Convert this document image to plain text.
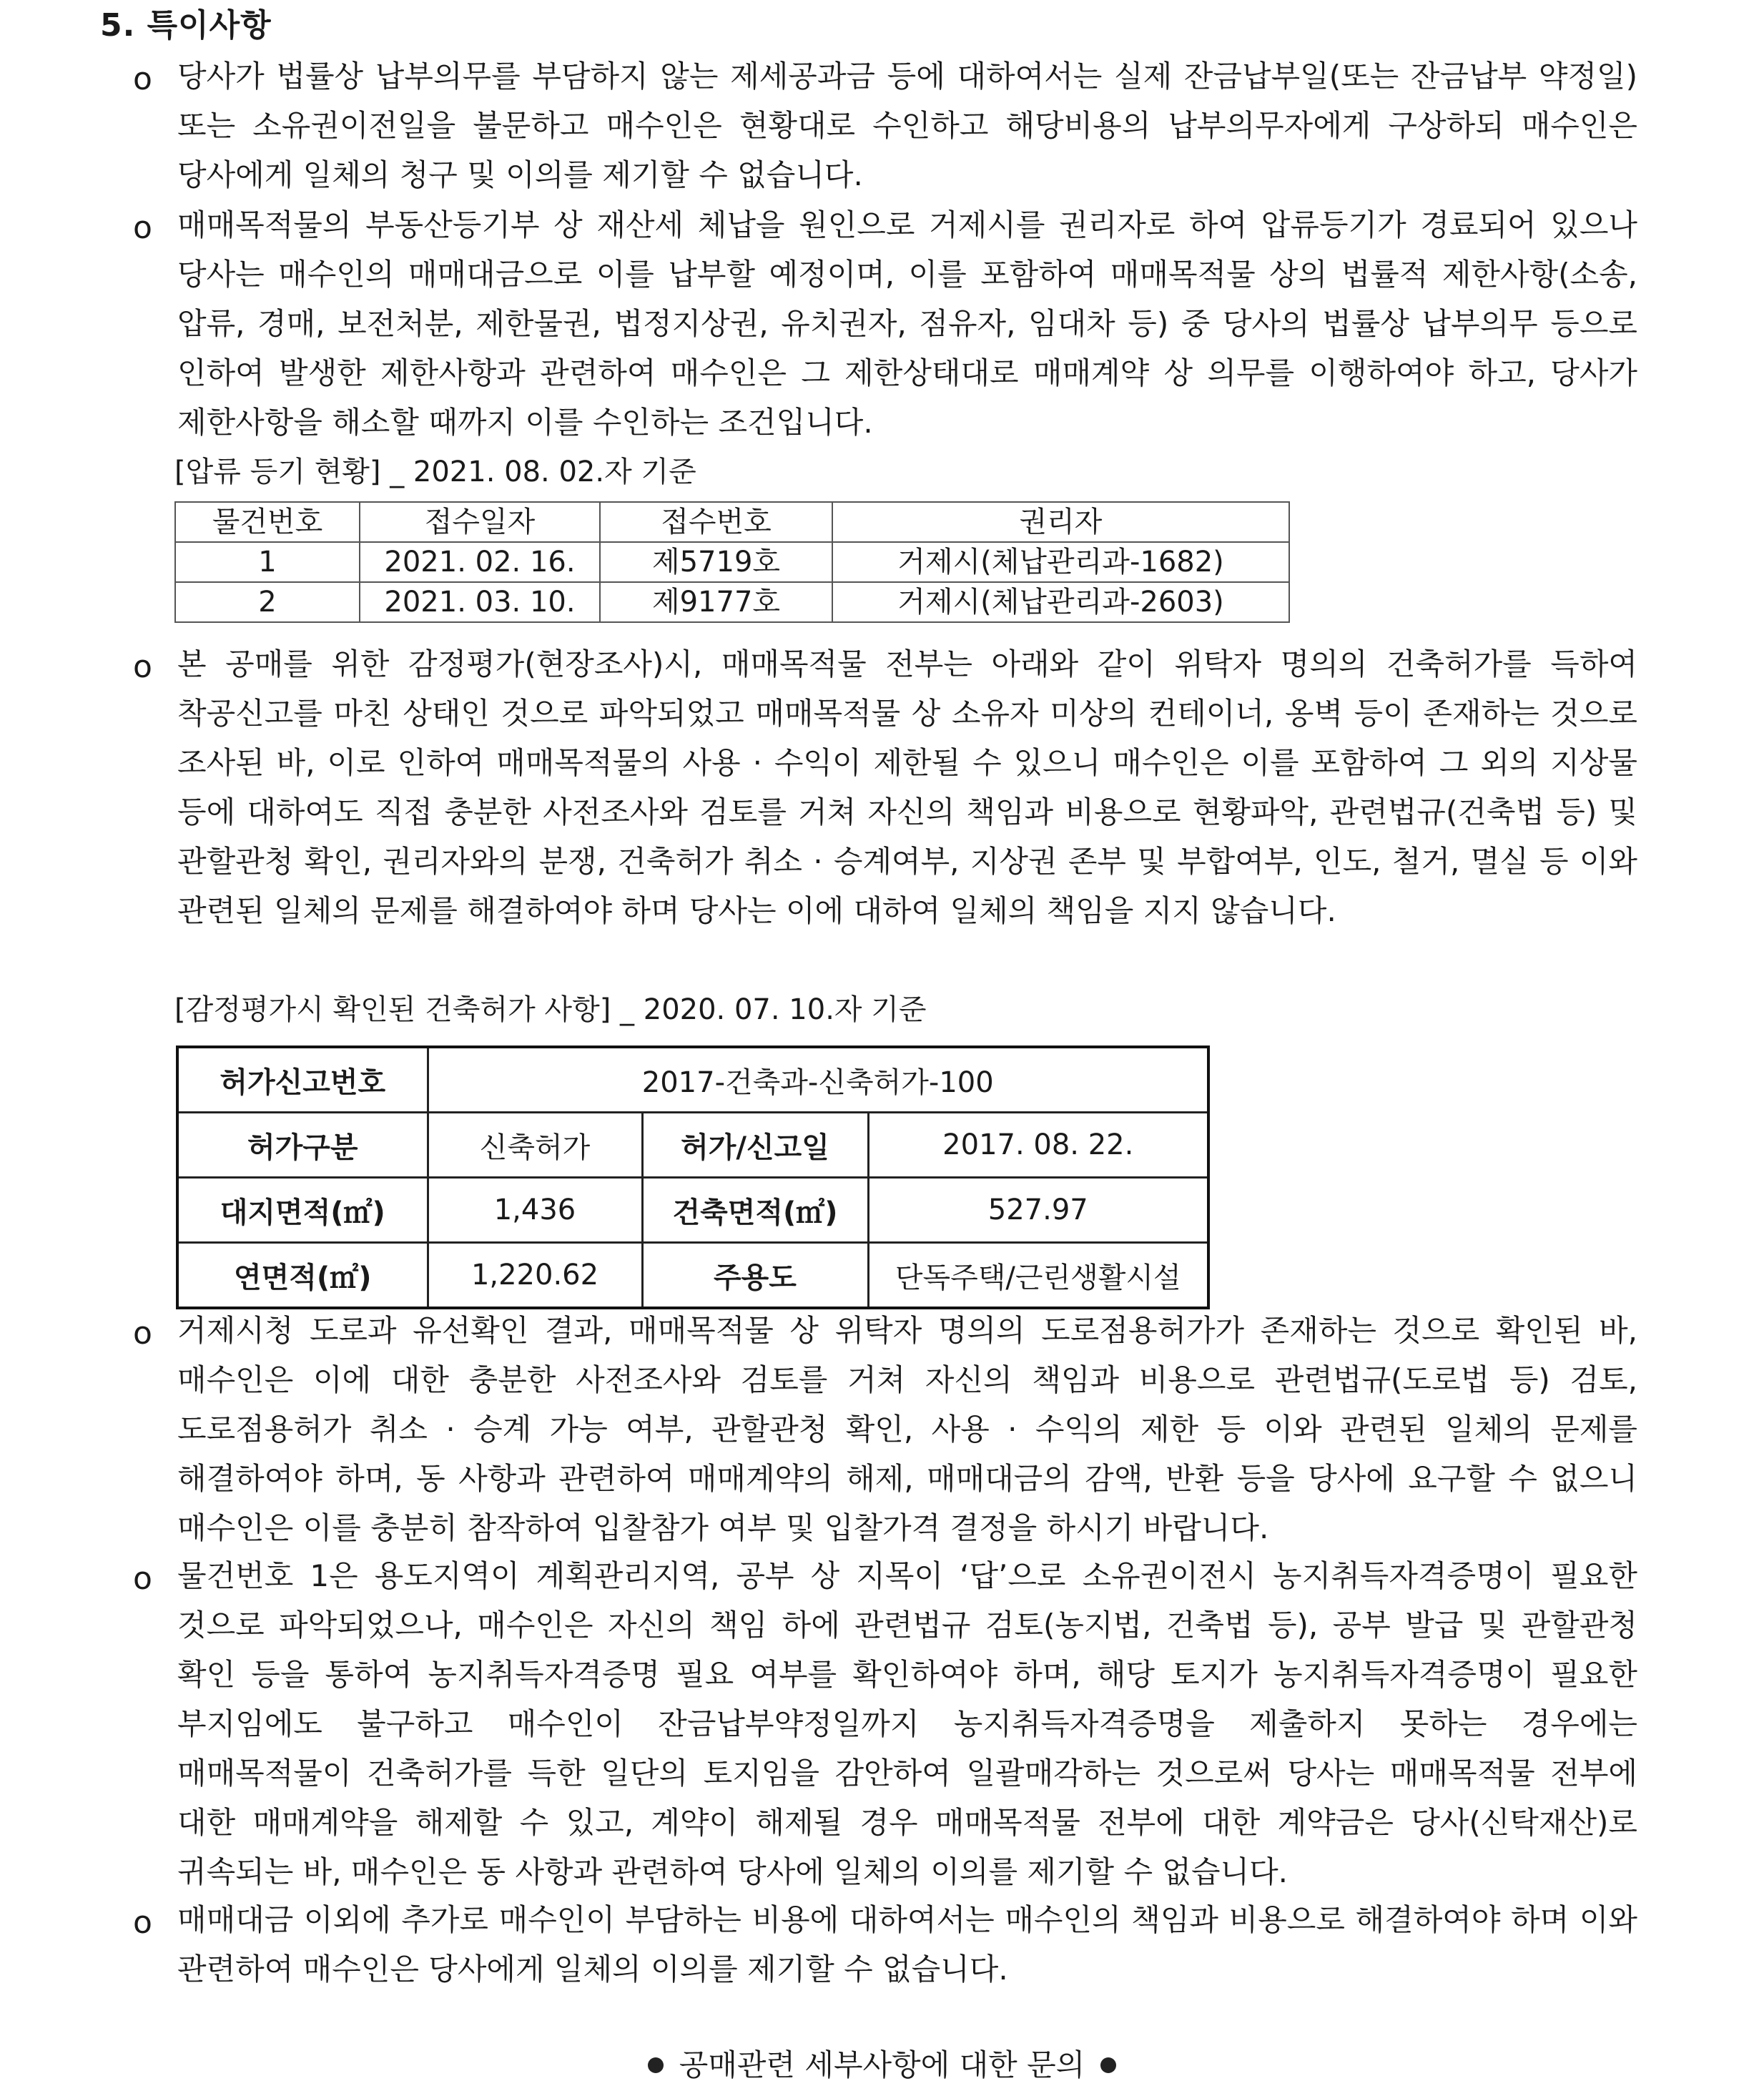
5. 특이사항
o 당사가 법률상 납부의무를 부담하지 않는 제세공과금 등에 대하여서는 실제 잔금납부일(또는 잔금납부 약정일) 또는 소유권이전일을 불문하고 매수인은 현황대로 수인하고 해당비용의 납부의무자에게 구상하되 매수인은 당사에게 일체의 청구 및 이의를 제기할 수 없습니다.
o 매매목적물의 부동산등기부 상 재산세 체납을 원인으로 거제시를 권리자로 하여 압류등기가 경료되어 있으나 당사는 매수인의 매매대금으로 이를 납부할 예정이며, 이를 포함하여 매매목적물 상의 법률적 제한사항(소송, 압류, 경매, 보전처분, 제한물권, 법정지상권, 유치권자, 점유자, 임대차 등) 중 당사의 법률상 납부의무 등으로 인하여 발생한 제한사항과 관련하여 매수인은 그 제한상태대로 매매계약 상 의무를 이행하여야 하고, 당사가 제한사항을 해소할 때까지 이를 수인하는 조건입니다.
[압류 등기 현황] _ 2021. 08. 02.자 기준
물건번호	접수일자	접수번호	권리자
1	2021. 02. 16.	제5719호	거제시(체납관리과-1682)
2	2021. 03. 10.	제9177호	거제시(체납관리과-2603)
o 본 공매를 위한 감정평가(현장조사)시, 매매목적물 전부는 아래와 같이 위탁자 명의의 건축허가를 득하여 착공신고를 마친 상태인 것으로 파악되었고 매매목적물 상 소유자 미상의 컨테이너, 옹벽 등이 존재하는 것으로 조사된 바, 이로 인하여 매매목적물의 사용 · 수익이 제한될 수 있으니 매수인은 이를 포함하여 그 외의 지상물 등에 대하여도 직접 충분한 사전조사와 검토를 거쳐 자신의 책임과 비용으로 현황파악, 관련법규(건축법 등) 및 관할관청 확인, 권리자와의 분쟁, 건축허가 취소 · 승계여부, 지상권 존부 및 부합여부, 인도, 철거, 멸실 등 이와 관련된 일체의 문제를 해결하여야 하며 당사는 이에 대하여 일체의 책임을 지지 않습니다.
[감정평가시 확인된 건축허가 사항] _ 2020. 07. 10.자 기준
허가신고번호	2017-건축과-신축허가-100		
허가구분	신축허가	허가/신고일	2017. 08. 22.
대지면적(㎡)	1,436	건축면적(㎡)	527.97
연면적(㎡)	1,220.62	주용도	단독주택/근린생활시설
o 거제시청 도로과 유선확인 결과, 매매목적물 상 위탁자 명의의 도로점용허가가 존재하는 것으로 확인된 바, 매수인은 이에 대한 충분한 사전조사와 검토를 거쳐 자신의 책임과 비용으로 관련법규(도로법 등) 검토, 도로점용허가 취소 · 승계 가능 여부, 관할관청 확인, 사용 · 수익의 제한 등 이와 관련된 일체의 문제를 해결하여야 하며, 동 사항과 관련하여 매매계약의 해제, 매매대금의 감액, 반환 등을 당사에 요구할 수 없으니 매수인은 이를 충분히 참작하여 입찰참가 여부 및 입찰가격 결정을 하시기 바랍니다.
o 물건번호 1은 용도지역이 계획관리지역, 공부 상 지목이 ‘답’으로 소유권이전시 농지취득자격증명이 필요한 것으로 파악되었으나, 매수인은 자신의 책임 하에 관련법규 검토(농지법, 건축법 등), 공부 발급 및 관할관청 확인 등을 통하여 농지취득자격증명 필요 여부를 확인하여야 하며, 해당 토지가 농지취득자격증명이 필요한 부지임에도 불구하고 매수인이 잔금납부약정일까지 농지취득자격증명을 제출하지 못하는 경우에는 매매목적물이 건축허가를 득한 일단의 토지임을 감안하여 일괄매각하는 것으로써 당사는 매매목적물 전부에 대한 매매계약을 해제할 수 있고, 계약이 해제될 경우 매매목적물 전부에 대한 계약금은 당사(신탁재산)로 귀속되는 바, 매수인은 동 사항과 관련하여 당사에 일체의 이의를 제기할 수 없습니다.
o 매매대금 이외에 추가로 매수인이 부담하는 비용에 대하여서는 매수인의 책임과 비용으로 해결하여야 하며 이와 관련하여 매수인은 당사에게 일체의 이의를 제기할 수 없습니다.
공매관련 세부사항에 대한 문의
